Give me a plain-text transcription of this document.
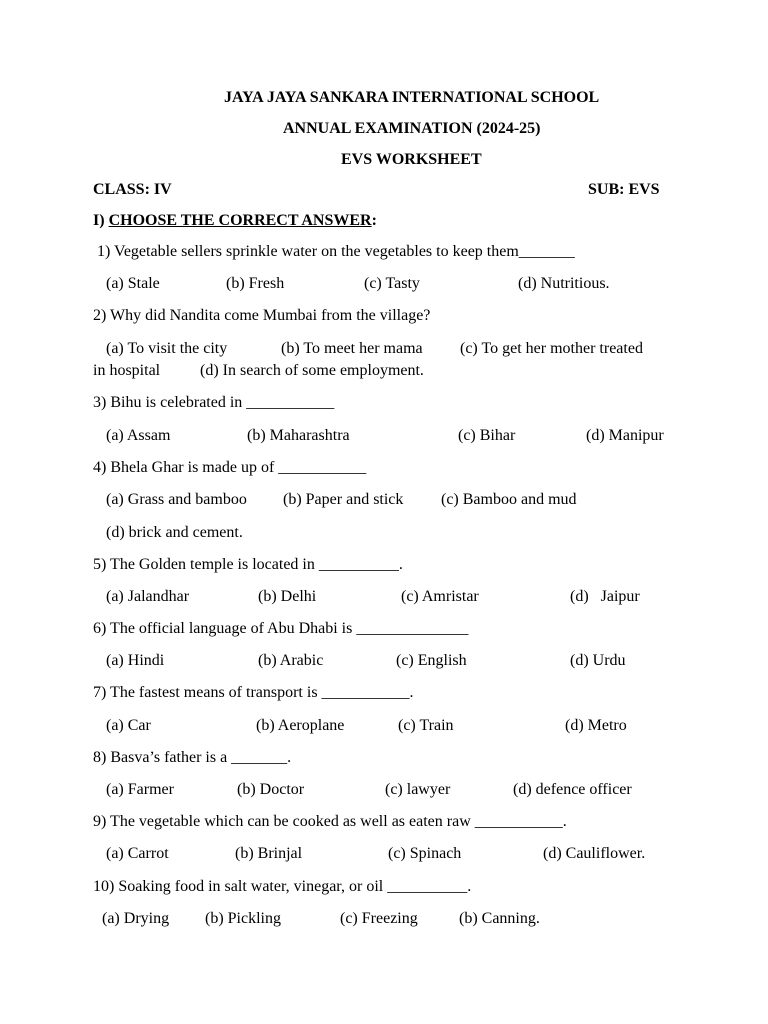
JAYA JAYA SANKARA INTERNATIONAL SCHOOL
ANNUAL EXAMINATION (2024-25)
EVS WORKSHEET
CLASS: IV	SUB: EVS
I) CHOOSE THE CORRECT ANSWER:
1) Vegetable sellers sprinkle water on the vegetables to keep them_______
(a) Stale	(b) Fresh	(c) Tasty	(d) Nutritious.
2) Why did Nandita come Mumbai from the village?
(a) To visit the city	(b) To meet her mama (c) To get her mother treated
in hospital (d) In search of some employment.
3) Bihu is celebrated in ___________
(a) Assam	(b) Maharashtra	(c) Bihar	(d) Manipur
4) Bhela Ghar is made up of ___________
(a) Grass and bamboo (b) Paper and stick (c) Bamboo and mud
(d) brick and cement.
5) The Golden temple is located in __________.
(a) Jalandhar	(b) Delhi	(c) Amristar	(d)   Jaipur
6) The official language of Abu Dhabi is ______________
(a) Hindi	(b) Arabic	(c) English	(d) Urdu
7) The fastest means of transport is ___________.
(a) Car	(b) Aeroplane	(c) Train	(d) Metro
8) Basva’s father is a _______.
(a) Farmer	(b) Doctor	(c) lawyer	(d) defence officer
9) The vegetable which can be cooked as well as eaten raw ___________.
(a) Carrot	(b) Brinjal	(c) Spinach	(d) Cauliflower.
10) Soaking food in salt water, vinegar, or oil __________.
(a) Drying (b) Pickling	(c) Freezing	(b) Canning.
